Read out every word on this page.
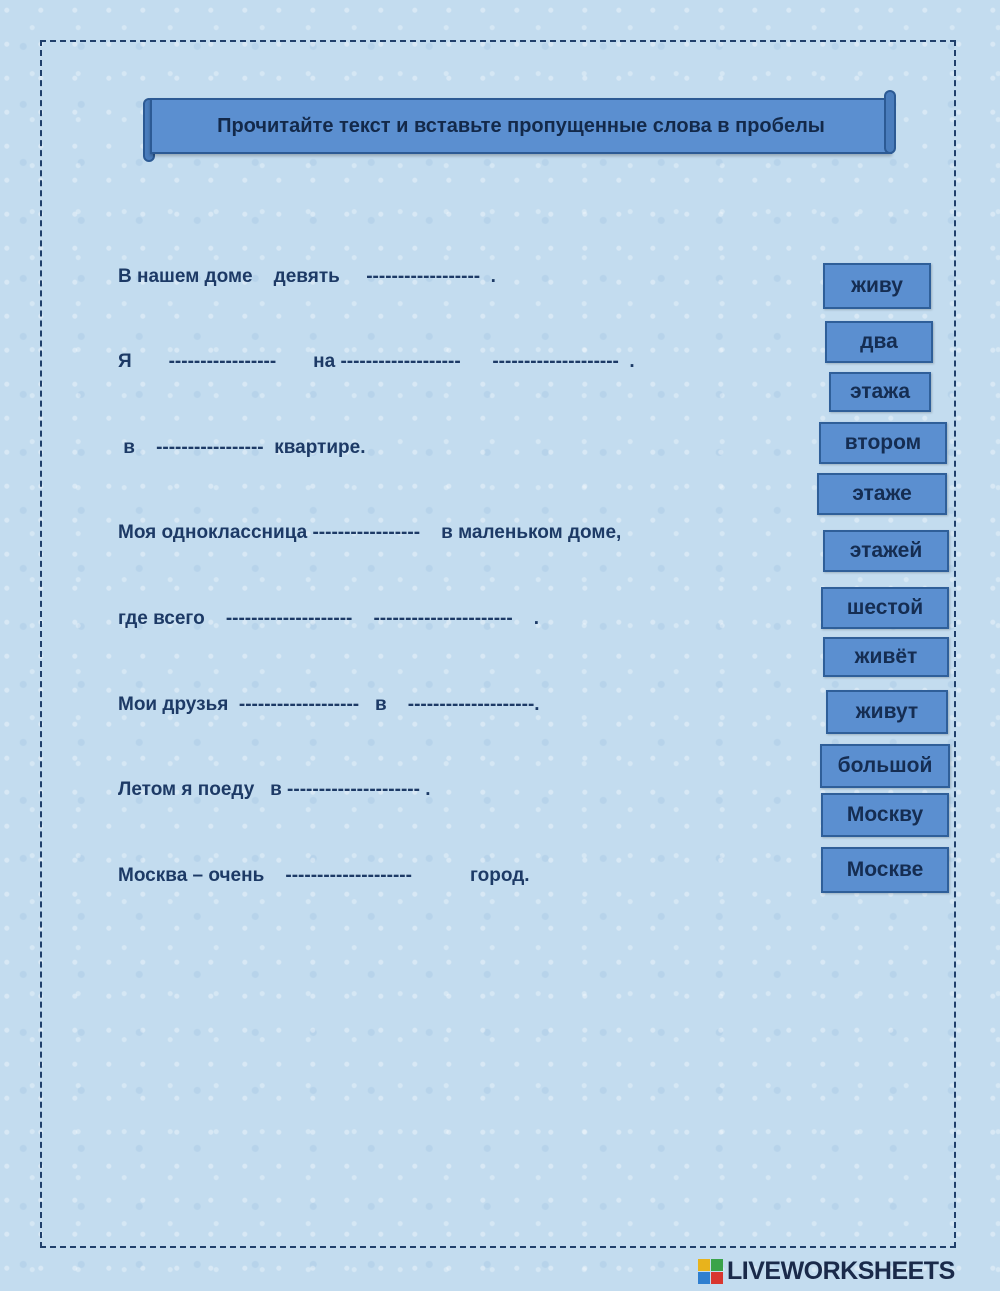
Прочитайте текст и вставьте пропущенные слова в пробелы
В нашем доме    девять     ------------------  .
Я       -----------------       на -------------------      --------------------  .
в    -----------------  квартире.
Моя одноклассница -----------------    в маленьком доме,
где всего    --------------------    ----------------------    .
Мои друзья  -------------------   в    --------------------.
Летом я поеду   в --------------------- .
Москва – очень    --------------------           город.
живу
два
этажа
втором
этаже
этажей
шестой
живёт
живут
большой
Москву
Москве
LIVEWORKSHEETS
